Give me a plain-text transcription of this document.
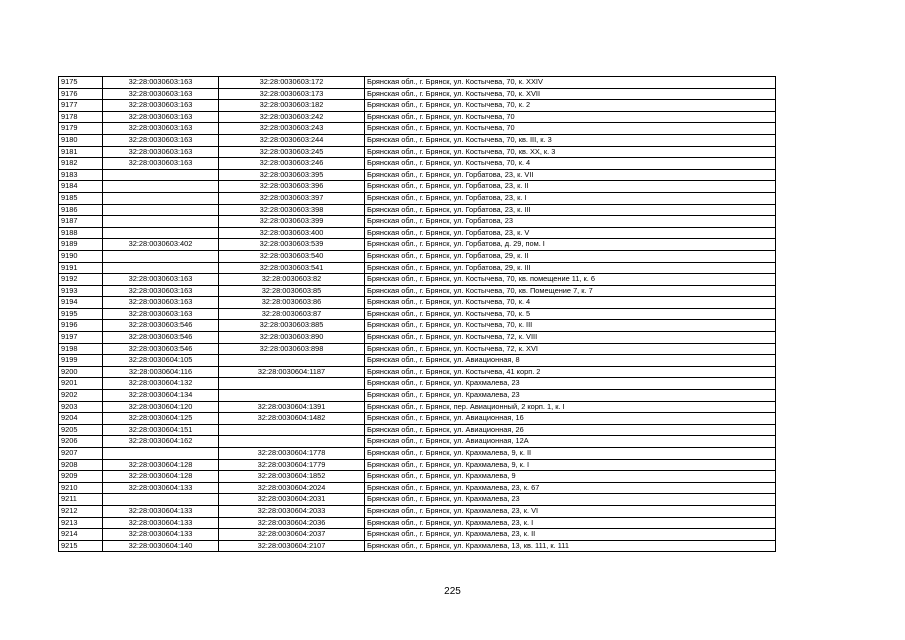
9175	32:28:0030603:163	32:28:0030603:172	Брянская обл., г. Брянск, ул. Костычева, 70, к. XXIV
9176	32:28:0030603:163	32:28:0030603:173	Брянская обл., г. Брянск, ул. Костычева, 70, к. XVII
9177	32:28:0030603:163	32:28:0030603:182	Брянская обл., г. Брянск, ул. Костычева, 70, к. 2
9178	32:28:0030603:163	32:28:0030603:242	Брянская обл., г. Брянск, ул. Костычева, 70
9179	32:28:0030603:163	32:28:0030603:243	Брянская обл., г. Брянск, ул. Костычева, 70
9180	32:28:0030603:163	32:28:0030603:244	Брянская обл., г. Брянск, ул. Костычева, 70, кв. III, к. 3
9181	32:28:0030603:163	32:28:0030603:245	Брянская обл., г. Брянск, ул. Костычева, 70, кв. XX, к. 3
9182	32:28:0030603:163	32:28:0030603:246	Брянская обл., г. Брянск, ул. Костычева, 70, к. 4
9183		32:28:0030603:395	Брянская обл., г. Брянск, ул. Горбатова, 23, к. VII
9184		32:28:0030603:396	Брянская обл., г. Брянск, ул. Горбатова, 23, к. II
9185		32:28:0030603:397	Брянская обл., г. Брянск, ул. Горбатова, 23, к. I
9186		32:28:0030603:398	Брянская обл., г. Брянск, ул. Горбатова, 23, к. III
9187		32:28:0030603:399	Брянская обл., г. Брянск, ул. Горбатова, 23
9188		32:28:0030603:400	Брянская обл., г. Брянск, ул. Горбатова, 23, к. V
9189	32:28:0030603:402	32:28:0030603:539	Брянская обл., г. Брянск, ул. Горбатова, д. 29, пом. I
9190		32:28:0030603:540	Брянская обл., г. Брянск, ул. Горбатова, 29, к. II
9191		32:28:0030603:541	Брянская обл., г. Брянск, ул. Горбатова, 29, к. III
9192	32:28:0030603:163	32:28:0030603:82	Брянская обл., г. Брянск, ул. Костычева, 70, кв. помещение 11, к. 6
9193	32:28:0030603:163	32:28:0030603:85	Брянская обл., г. Брянск, ул. Костычева, 70, кв. Помещение 7, к. 7
9194	32:28:0030603:163	32:28:0030603:86	Брянская обл., г. Брянск, ул. Костычева, 70, к. 4
9195	32:28:0030603:163	32:28:0030603:87	Брянская обл., г. Брянск, ул. Костычева, 70, к. 5
9196	32:28:0030603:546	32:28:0030603:885	Брянская обл., г. Брянск, ул. Костычева, 70, к. III
9197	32:28:0030603:546	32:28:0030603:890	Брянская обл., г. Брянск, ул. Костычева, 72, к. VIII
9198	32:28:0030603:546	32:28:0030603:898	Брянская обл., г. Брянск, ул. Костычева, 72, к. XVI
9199	32:28:0030604:105		Брянская обл., г. Брянск, ул. Авиационная, 8
9200	32:28:0030604:116	32:28:0030604:1187	Брянская обл., г. Брянск, ул. Костычева, 41 корп. 2
9201	32:28:0030604:132		Брянская обл., г. Брянск, ул. Крахмалева, 23
9202	32:28:0030604:134		Брянская обл., г. Брянск, ул. Крахмалева, 23
9203	32:28:0030604:120	32:28:0030604:1391	Брянская обл., г. Брянск, пер. Авиационный, 2 корп. 1, к. I
9204	32:28:0030604:125	32:28:0030604:1482	Брянская обл., г. Брянск, ул. Авиационная, 16
9205	32:28:0030604:151		Брянская обл., г. Брянск, ул. Авиационная, 26
9206	32:28:0030604:162		Брянская обл., г. Брянск, ул. Авиационная, 12А
9207		32:28:0030604:1778	Брянская обл., г. Брянск, ул. Крахмалева, 9, к. II
9208	32:28:0030604:128	32:28:0030604:1779	Брянская обл., г. Брянск, ул. Крахмалева, 9, к. I
9209	32:28:0030604:128	32:28:0030604:1852	Брянская обл., г. Брянск, ул. Крахмалева, 9
9210	32:28:0030604:133	32:28:0030604:2024	Брянская обл., г. Брянск, ул. Крахмалева, 23, к. 67
9211		32:28:0030604:2031	Брянская обл., г. Брянск, ул. Крахмалева, 23
9212	32:28:0030604:133	32:28:0030604:2033	Брянская обл., г. Брянск, ул. Крахмалева, 23, к. VI
9213	32:28:0030604:133	32:28:0030604:2036	Брянская обл., г. Брянск, ул. Крахмалева, 23, к. I
9214	32:28:0030604:133	32:28:0030604:2037	Брянская обл., г. Брянск, ул. Крахмалева, 23, к. II
9215	32:28:0030604:140	32:28:0030604:2107	Брянская обл., г. Брянск, ул. Крахмалева, 13, кв. 111, к. 111
225
